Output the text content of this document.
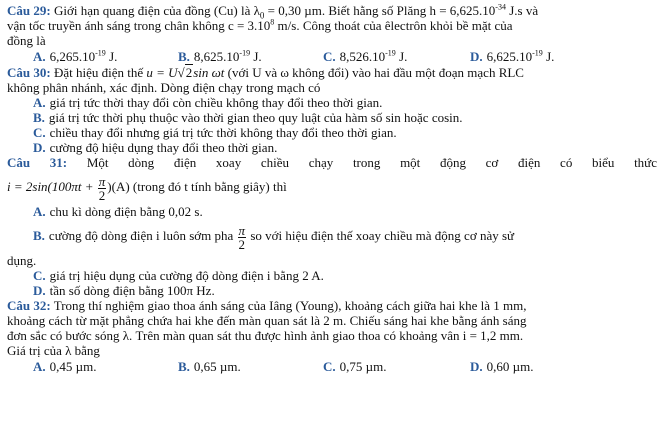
Câu 29: Giới hạn quang điện của đồng (Cu) là $\lambda_0 = 0,30$ µm. Biết hằng số Plăng $h = 6,625.10^{-34}$ J.s và
vận tốc truyền ánh sáng trong chân không $c = 3.10^8$ m/s. Công thoát của êlectrôn khỏi bề mặt của
đồng là
A. $6,265.10^{-19}$ J.	B. $8,625.10^{-19}$ J.	C. $8,526.10^{-19}$ J.	D. $6,625.10^{-19}$ J.
Câu 30: Đặt hiệu điện thế u = U√2sin ωt (với U và ω không đổi) vào hai đầu một đoạn mạch RLC
không phân nhánh, xác định. Dòng điện chạy trong mạch có
A. giá trị tức thời thay đổi còn chiều không thay đổi theo thời gian.
B. giá trị tức thời phụ thuộc vào thời gian theo quy luật của hàm số sin hoặc cosin.
C. chiều thay đổi nhưng giá trị tức thời không thay đổi theo thời gian.
D. cường độ hiệu dụng thay đổi theo thời gian.
Câu 31: Một dòng điện xoay chiều chạy trong một động cơ điện có biểu thức
$i = 2\sin(100\pi t + \frac{\pi}{2} )(A)$ (trong đó t tính bằng giây) thì
A. chu kì dòng điện bằng 0,02 s.
B. cường độ dòng điện i luôn sớm pha $\frac{\pi}{2}$ so với hiệu điện thế xoay chiều mà động cơ này sử
dụng.
C. giá trị hiệu dụng của cường độ dòng điện i bằng 2 A.
D. tần số dòng điện bằng 100π Hz.
Câu 32: Trong thí nghiệm giao thoa ánh sáng của Iâng (Young), khoảng cách giữa hai khe là 1 mm,
khoảng cách từ mặt phẳng chứa hai khe đến màn quan sát là 2 m. Chiếu sáng hai khe bằng ánh sáng
đơn sắc có bước sóng λ. Trên màn quan sát thu được hình ảnh giao thoa có khoảng vân i = 1,2 mm.
Giá trị của λ bằng
A. 0,45 µm.	B. 0,65 µm.	C. 0,75 µm.	D. 0,60 µm.
